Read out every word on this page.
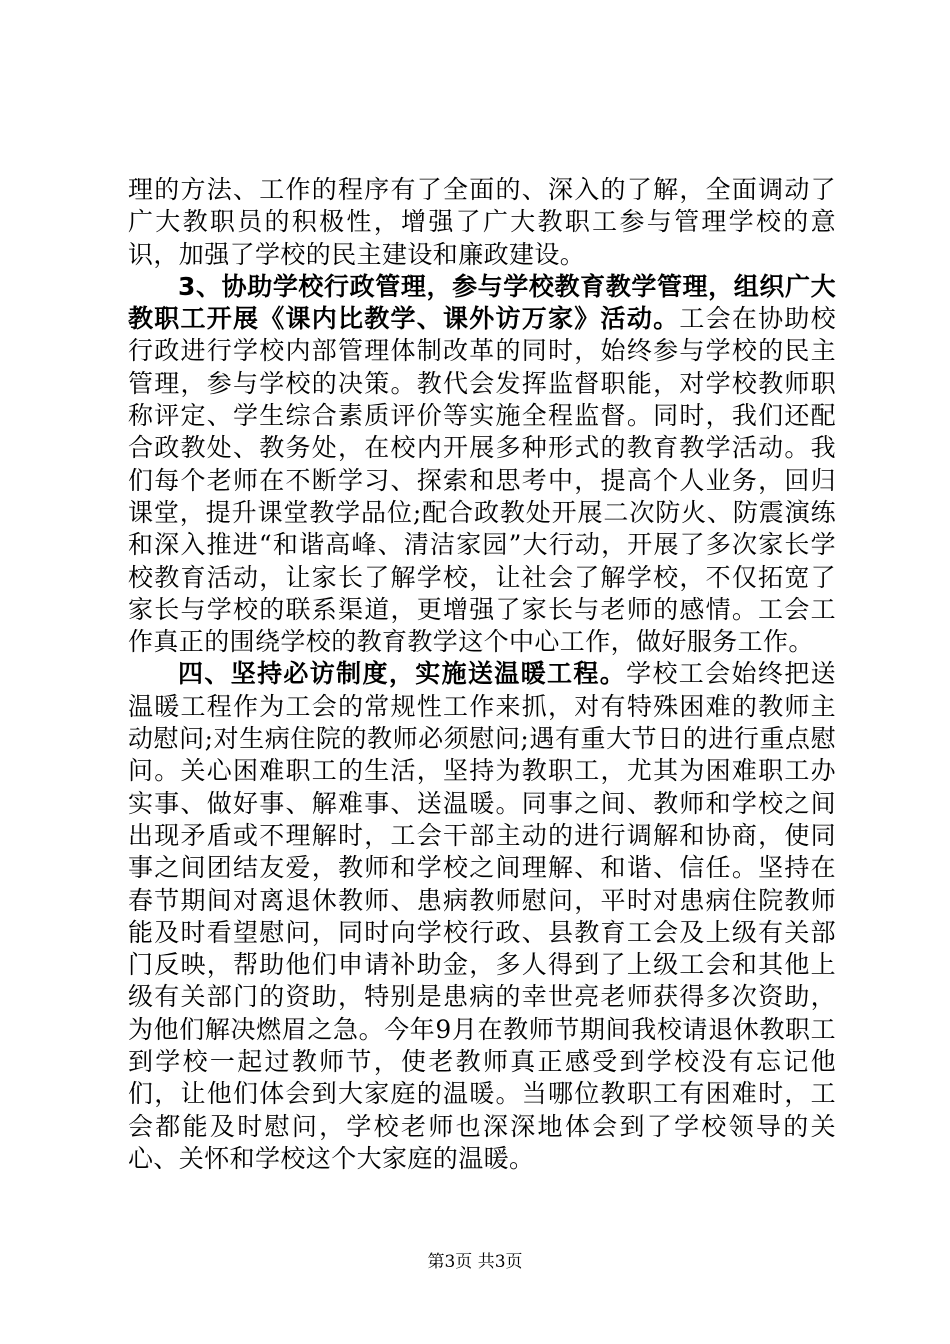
理的方法、工作的程序有了全面的、深入的了解，全面调动了广大教职员的积极性，增强了广大教职工参与管理学校的意识，加强了学校的民主建设和廉政建设。

3、协助学校行政管理，参与学校教育教学管理，组织广大教职工开展《课内比教学、课外访万家》活动。工会在协助校行政进行学校内部管理体制改革的同时，始终参与学校的民主管理，参与学校的决策。教代会发挥监督职能，对学校教师职称评定、学生综合素质评价等实施全程监督。同时，我们还配合政教处、教务处，在校内开展多种形式的教育教学活动。我们每个老师在不断学习、探索和思考中，提高个人业务，回归课堂，提升课堂教学品位;配合政教处开展二次防火、防震演练和深入推进“和谐高峰、清洁家园”大行动，开展了多次家长学校教育活动，让家长了解学校，让社会了解学校，不仅拓宽了家长与学校的联系渠道，更增强了家长与老师的感情。工会工作真正的围绕学校的教育教学这个中心工作，做好服务工作。

四、坚持必访制度，实施送温暖工程。学校工会始终把送温暖工程作为工会的常规性工作来抓，对有特殊困难的教师主动慰问;对生病住院的教师必须慰问;遇有重大节日的进行重点慰问。关心困难职工的生活，坚持为教职工，尤其为困难职工办实事、做好事、解难事、送温暖。同事之间、教师和学校之间出现矛盾或不理解时，工会干部主动的进行调解和协商，使同事之间团结友爱，教师和学校之间理解、和谐、信任。坚持在春节期间对离退休教师、患病教师慰问，平时对患病住院教师能及时看望慰问，同时向学校行政、县教育工会及上级有关部门反映，帮助他们申请补助金，多人得到了上级工会和其他上级有关部门的资助，特别是患病的幸世亮老师获得多次资助，为他们解决燃眉之急。今年9月在教师节期间我校请退休教职工到学校一起过教师节，使老教师真正感受到学校没有忘记他们，让他们体会到大家庭的温暖。当哪位教职工有困难时，工会都能及时慰问，学校老师也深深地体会到了学校领导的关心、关怀和学校这个大家庭的温暖。

第3页 共3页
